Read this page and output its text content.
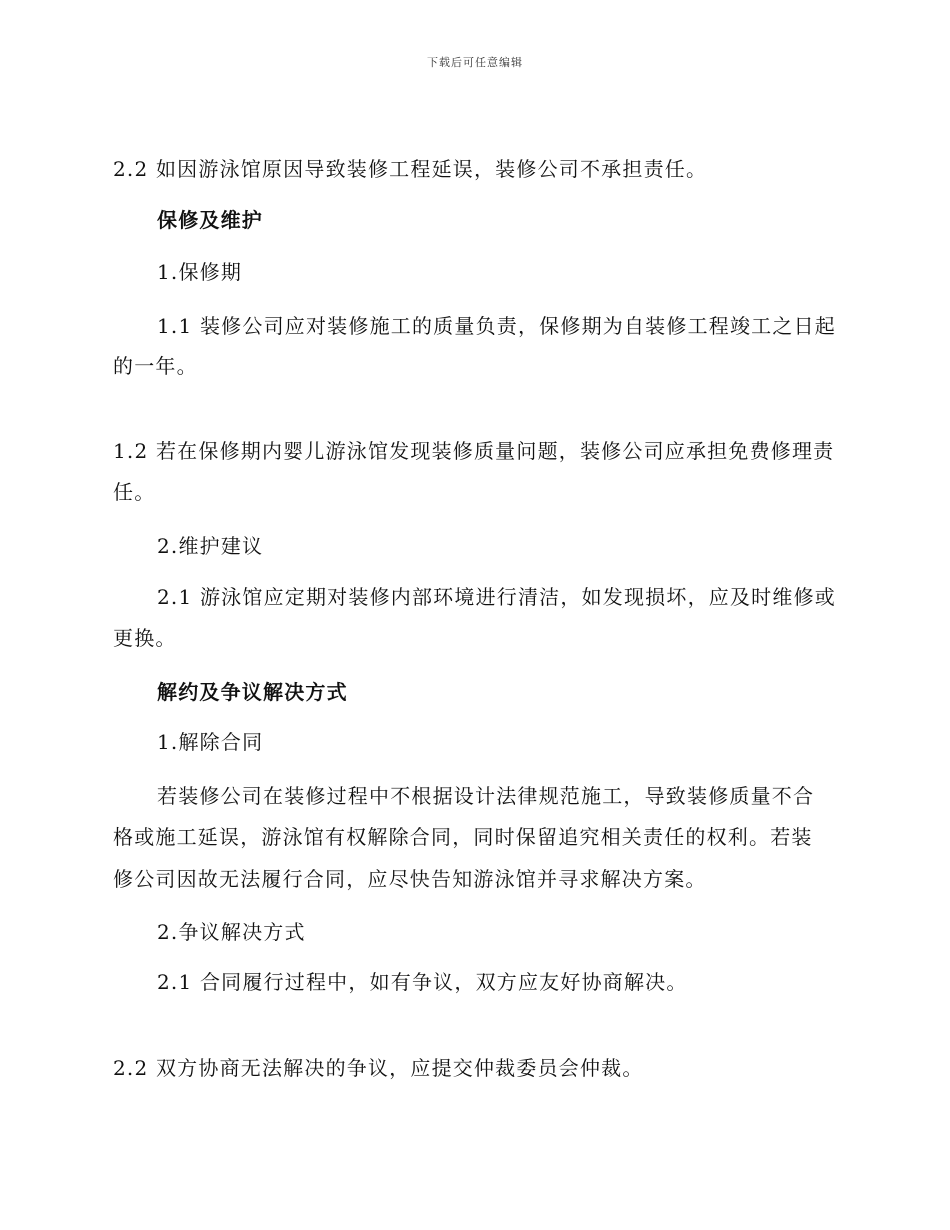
下载后可任意编辑
2.2 如因游泳馆原因导致装修工程延误，装修公司不承担责任。
保修及维护
1.保修期
1.1 装修公司应对装修施工的质量负责，保修期为自装修工程竣工之日起
的一年。
1.2 若在保修期内婴儿游泳馆发现装修质量问题，装修公司应承担免费修理责
任。
2.维护建议
2.1 游泳馆应定期对装修内部环境进行清洁，如发现损坏，应及时维修或
更换。
解约及争议解决方式
1.解除合同
若装修公司在装修过程中不根据设计法律规范施工，导致装修质量不合
格或施工延误，游泳馆有权解除合同，同时保留追究相关责任的权利。若装
修公司因故无法履行合同，应尽快告知游泳馆并寻求解决方案。
2.争议解决方式
2.1 合同履行过程中，如有争议，双方应友好协商解决。
2.2 双方协商无法解决的争议，应提交仲裁委员会仲裁。
